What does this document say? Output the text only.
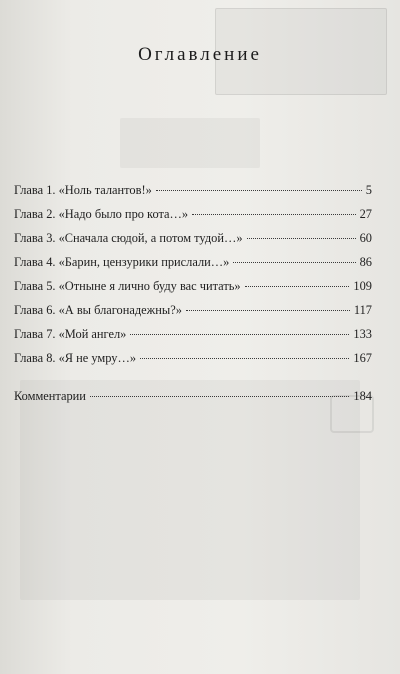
Оглавление
Глава 1. «Ноль талантов!»	5
Глава 2. «Надо было про кота…»	27
Глава 3. «Сначала сюдой, а потом тудой…»	60
Глава 4. «Барин, цензурики прислали…»	86
Глава 5. «Отныне я лично буду вас читать»	109
Глава 6. «А вы благонадежны?»	117
Глава 7. «Мой ангел»	133
Глава 8. «Я не умру…»	167
Комментарии	184
